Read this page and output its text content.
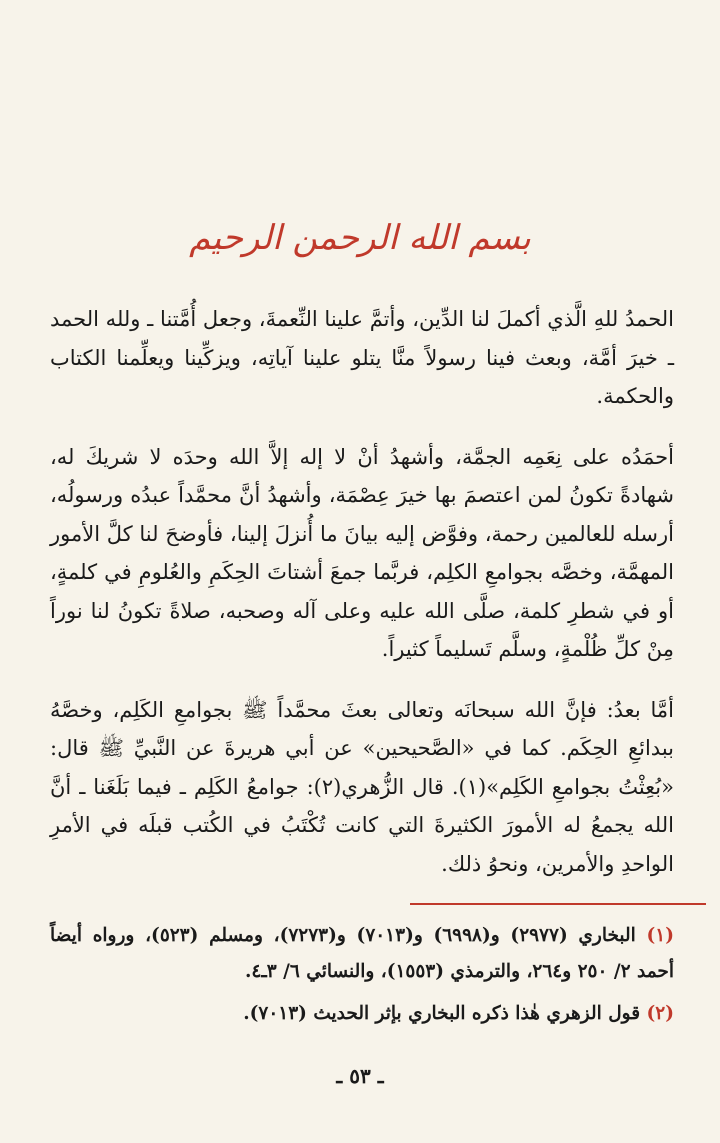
بسم الله الرحمن الرحيم

الحمدُ للهِ الَّذي أكملَ لنا الدِّين، وأتمَّ علينا النِّعمةَ، وجعل أُمَّتنا ـ ولله الحمد ـ خيرَ أمَّة، وبعث فينا رسولاً منَّا يتلو علينا آياتِه، ويزكِّينا ويعلِّمنا الكتاب والحكمة.

أحمَدُه على نِعَمِه الجمَّة، وأشهدُ أنْ لا إله إلاَّ الله وحدَه لا شريكَ له، شهادةً تكونُ لمن اعتصمَ بها خيرَ عِصْمَة، وأشهدُ أنَّ محمَّداً عبدُه ورسولُه، أرسله للعالمين رحمة، وفوَّض إليه بيانَ ما أُنزلَ إلينا، فأوضحَ لنا كلَّ الأمور المهمَّة، وخصَّه بجوامعِ الكلِم، فربَّما جمعَ أشتاتَ الحِكَمِ والعُلومِ في كلمةٍ، أو في شطرِ كلمة، صلَّى الله عليه وعلى آله وصحبه، صلاةً تكونُ لنا نوراً مِنْ كلِّ ظُلْمةٍ، وسلَّم تَسليماً كثيراً.

أمَّا بعدُ: فإنَّ الله سبحانَه وتعالى بعثَ محمَّداً ﷺ بجوامعِ الكَلِم، وخصَّهُ ببدائعِ الحِكَم. كما في «الصَّحيحين» عن أبي هريرةَ عن النَّبيِّ ﷺ قال: «بُعِثْتُ بجوامعِ الكَلِم»(١). قال الزُّهري(٢): جوامعُ الكَلِم ـ فيما بَلَغَنا ـ أنَّ الله يجمعُ له الأمورَ الكثيرةَ التي كانت تُكْتَبُ في الكُتب قبلَه في الأمرِ الواحدِ والأمرين، ونحوُ ذلك.

(١) البخاري (٢٩٧٧) و(٦٩٩٨) و(٧٠١٣) و(٧٢٧٣)، ومسلم (٥٢٣)، ورواه أيضاً أحمد ٢/ ٢٥٠ و٢٦٤، والترمذي (١٥٥٣)، والنسائي ٦/ ٣ـ٤.

(٢) قول الزهري هٰذا ذكره البخاري بإثر الحديث (٧٠١٣).

ـ ٥٣ ـ
